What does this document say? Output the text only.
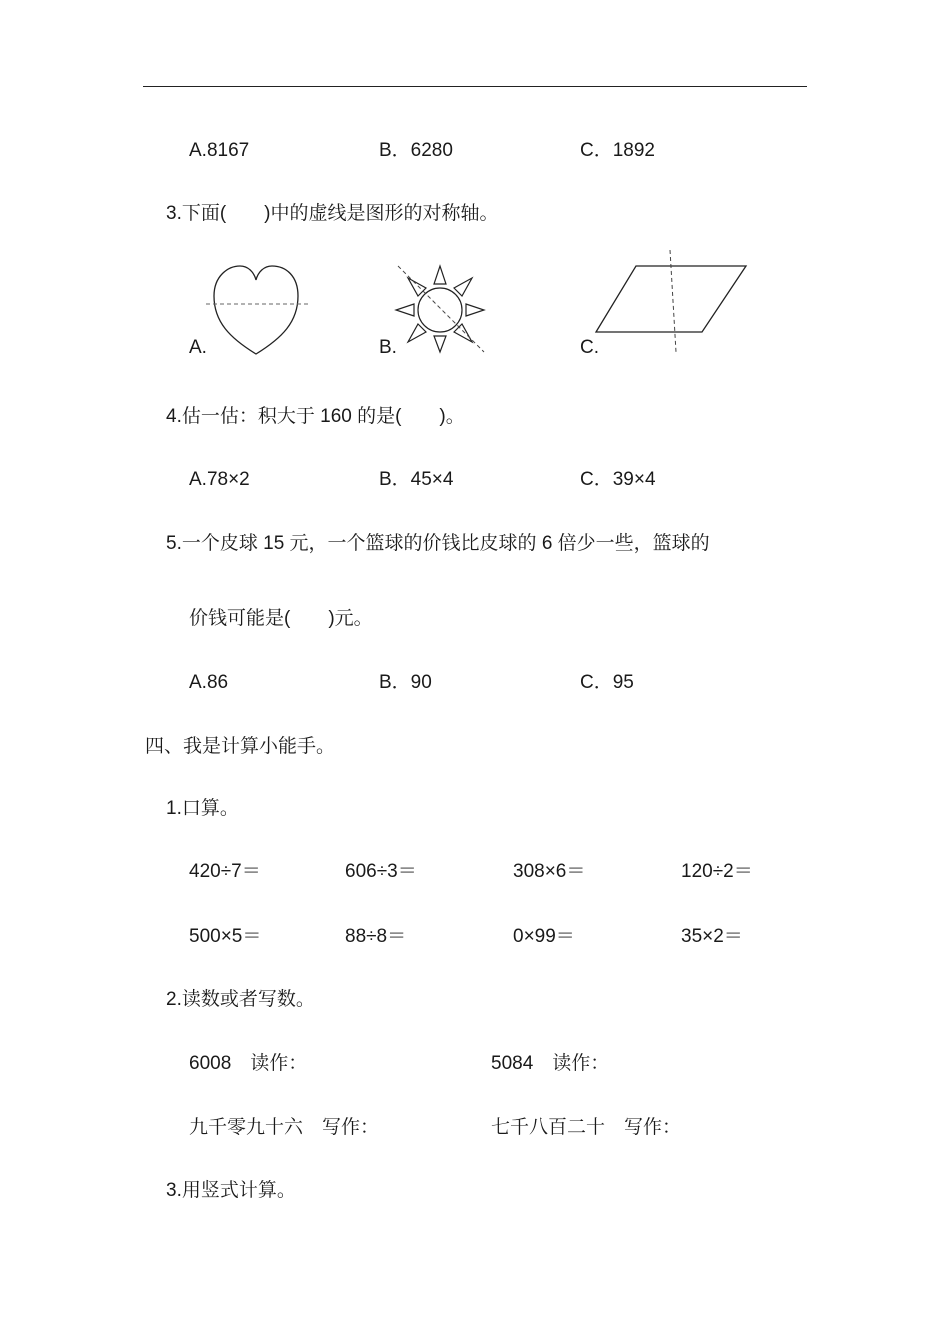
A.8167	B．6280	C．1892
3.下面(　　)中的虚线是图形的对称轴。
A.	B.	C.
4.估一估：积大于 160 的是(　　)。
A.78×2	B．45×4	C．39×4
5.一个皮球 15 元，一个篮球的价钱比皮球的 6 倍少一些，篮球的
价钱可能是(　　)元。
A.86	B．90	C．95
四、我是计算小能手。
1.口算。
420÷7＝	606÷3＝	308×6＝	120÷2＝
500×5＝	88÷8＝	0×99＝	35×2＝
2.读数或者写数。
6008　读作：	5084　读作：
九千零九十六　写作：	七千八百二十　写作：
3.用竖式计算。
